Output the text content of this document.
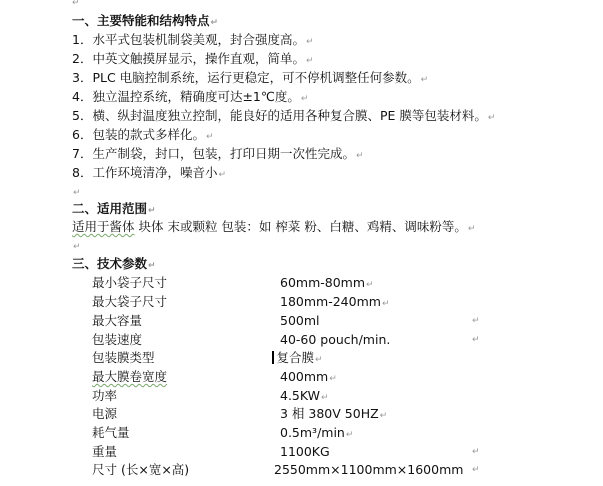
↵
一、主要特能和结构特点↵
1．水平式包装机制袋美观，封合强度高。↵
2．中英文触摸屏显示，操作直观，简单。↵
3．PLC 电脑控制系统，运行更稳定，可不停机调整任何参数。↵
4．独立温控系统，精确度可达±1℃度。↵
5．横、纵封温度独立控制，能良好的适用各种复合膜、PE 膜等包装材料。↵
6．包装的款式多样化。↵
7．生产制袋，封口，包装，打印日期一次性完成。↵
8．工作环境清净，噪音小↵
↵
二、适用范围↵
适用于酱体 块体 末或颗粒 包装：如 榨菜 粉、白糖、鸡精、调味粉等。↵
↵
三、技术参数↵
最小袋子尺寸	60mm-80mm↵
最大袋子尺寸	180mm-240mm↵
最大容量	500ml	↵
包装速度	40-60 pouch/min.	↵
包装膜类型	复合膜↵
最大膜卷宽度	400mm↵
功率	4.5KW↵
电源	3 相 380V 50HZ↵
耗气量	0.5m³/min↵
重量	1100KG	↵
尺寸 (长×宽×高)	2550mm×1100mm×1600mm ↵
